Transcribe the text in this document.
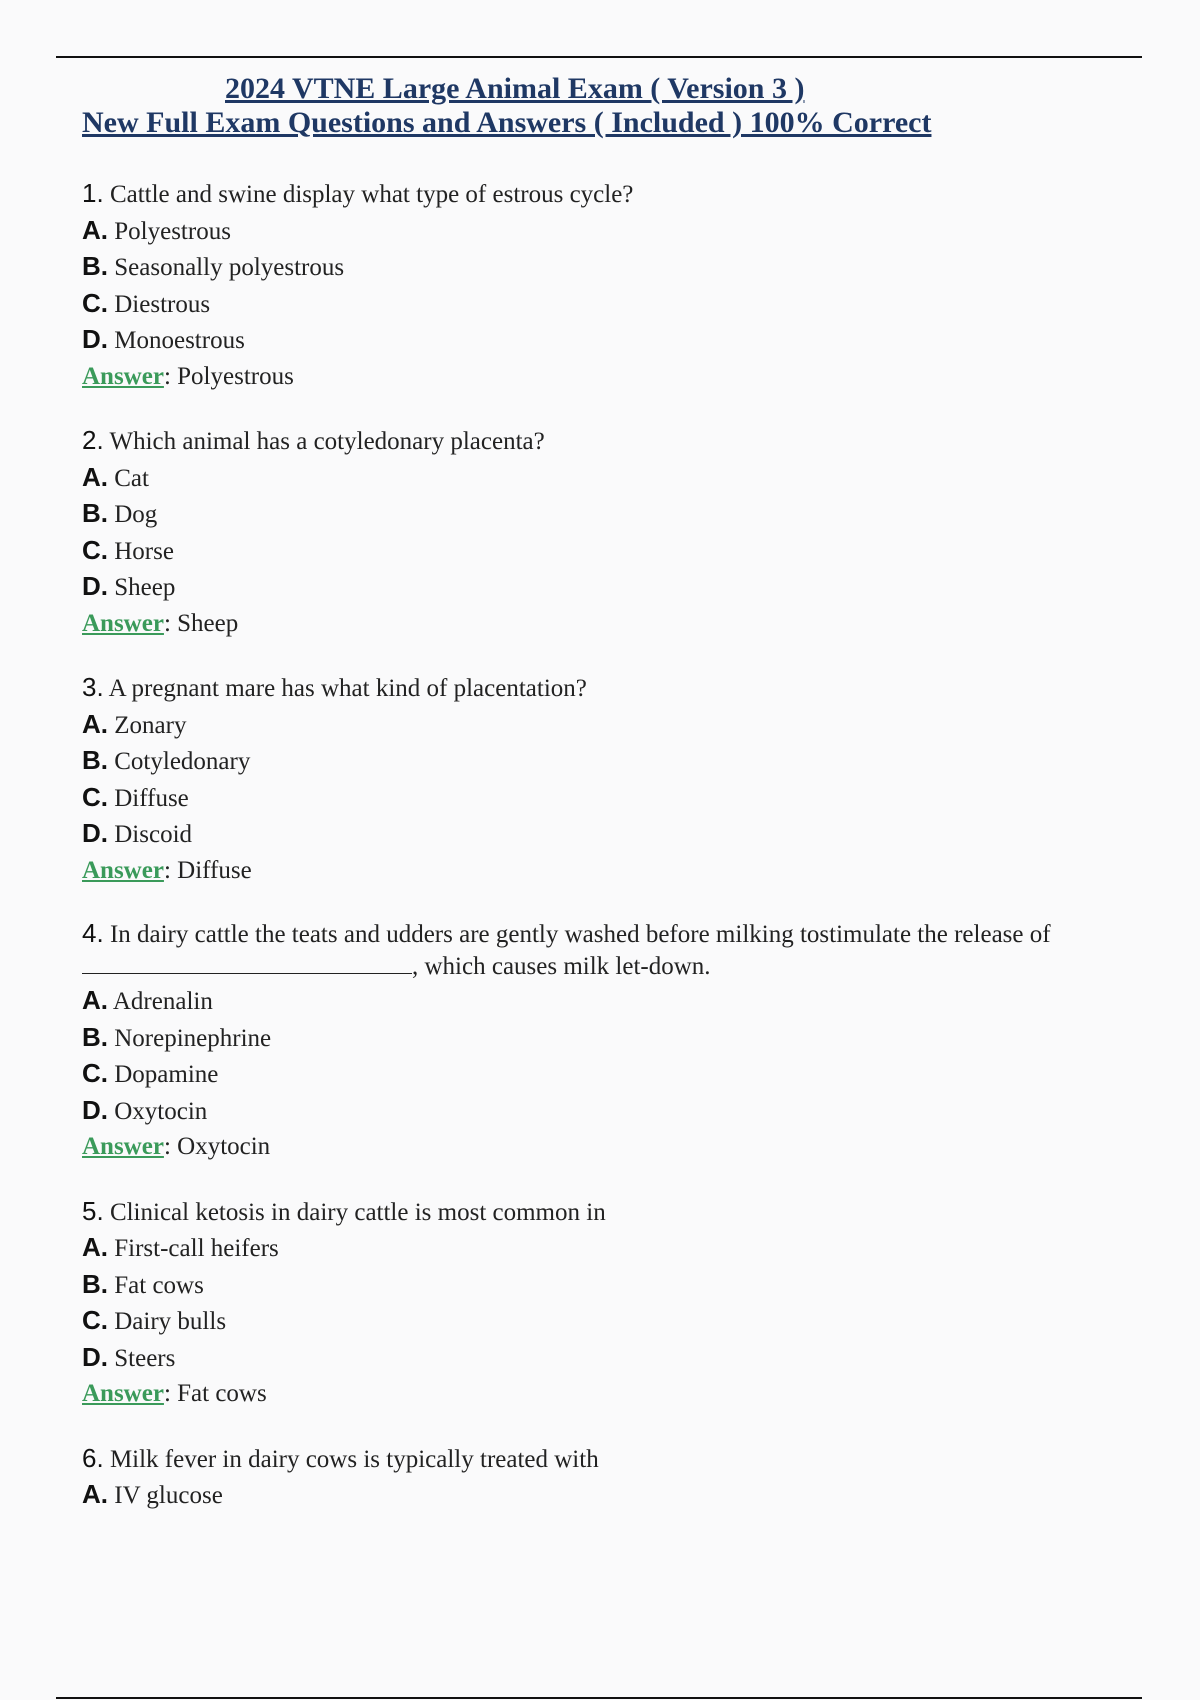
2024 VTNE Large Animal Exam ( Version 3 )
New Full Exam Questions and Answers ( Included ) 100% Correct
1. Cattle and swine display what type of estrous cycle?
A. Polyestrous
B. Seasonally polyestrous
C. Diestrous
D. Monoestrous
Answer: Polyestrous
2. Which animal has a cotyledonary placenta?
A. Cat
B. Dog
C. Horse
D. Sheep
Answer: Sheep
3. A pregnant mare has what kind of placentation?
A. Zonary
B. Cotyledonary
C. Diffuse
D. Discoid
Answer: Diffuse
4. In dairy cattle the teats and udders are gently washed before milking tostimulate the release of, which causes milk let-down.
A. Adrenalin
B. Norepinephrine
C. Dopamine
D. Oxytocin
Answer: Oxytocin
5. Clinical ketosis in dairy cattle is most common in
A. First-call heifers
B. Fat cows
C. Dairy bulls
D. Steers
Answer: Fat cows
6. Milk fever in dairy cows is typically treated with
A. IV glucose
